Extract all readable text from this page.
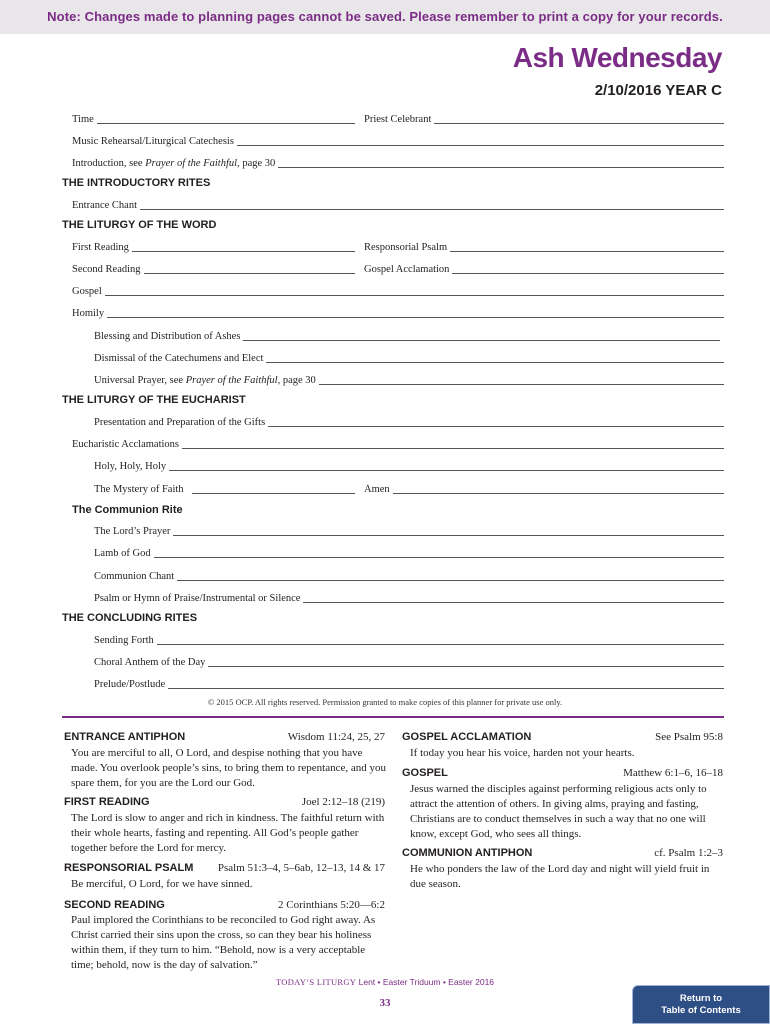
Note: Changes made to planning pages cannot be saved. Please remember to print a copy for your records.
Ash Wednesday
2/10/2016 YEAR C
Time	Priest Celebrant
Music Rehearsal/Liturgical Catechesis
Introduction, see Prayer of the Faithful, page 30
THE INTRODUCTORY RITES
Entrance Chant
THE LITURGY OF THE WORD
First Reading	Responsorial Psalm
Second Reading	Gospel Acclamation
Gospel
Homily
Blessing and Distribution of Ashes
Dismissal of the Catechumens and Elect
Universal Prayer, see Prayer of the Faithful, page 30
THE LITURGY OF THE EUCHARIST
Presentation and Preparation of the Gifts
Eucharistic Acclamations
Holy, Holy, Holy
The Mystery of Faith	Amen
The Communion Rite
The Lord’s Prayer
Lamb of God
Communion Chant
Psalm or Hymn of Praise/Instrumental or Silence
THE CONCLUDING RITES
Sending Forth
Choral Anthem of the Day
Prelude/Postlude
© 2015 OCP. All rights reserved. Permission granted to make copies of this planner for private use only.
ENTRANCE ANTIPHON	Wisdom 11:24, 25, 27
You are merciful to all, O Lord, and despise nothing that you have made. You overlook people’s sins, to bring them to repentance, and you spare them, for you are the Lord our God.
FIRST READING	Joel 2:12–18 (219)
The Lord is slow to anger and rich in kindness. The faithful return with their whole hearts, fasting and repenting. All God’s people gather together before the Lord for mercy.
RESPONSORIAL PSALM	Psalm 51:3–4, 5–6ab, 12–13, 14 & 17
Be merciful, O Lord, for we have sinned.
SECOND READING	2 Corinthians 5:20—6:2
Paul implored the Corinthians to be reconciled to God right away. As Christ carried their sins upon the cross, so can they bear his holiness within them, if they turn to him. “Behold, now is a very acceptable time; behold, now is the day of salvation.”
GOSPEL ACCLAMATION	See Psalm 95:8
If today you hear his voice, harden not your hearts.
GOSPEL	Matthew 6:1–6, 16–18
Jesus warned the disciples against performing religious acts only to attract the attention of others. In giving alms, praying and fasting, Christians are to conduct themselves in such a way that no one will know, except God, who sees all things.
COMMUNION ANTIPHON	cf. Psalm 1:2–3
He who ponders the law of the Lord day and night will yield fruit in due season.
TODAY’S LITURGY Lent • Easter Triduum • Easter 2016
33	Return to
Table of Contents
